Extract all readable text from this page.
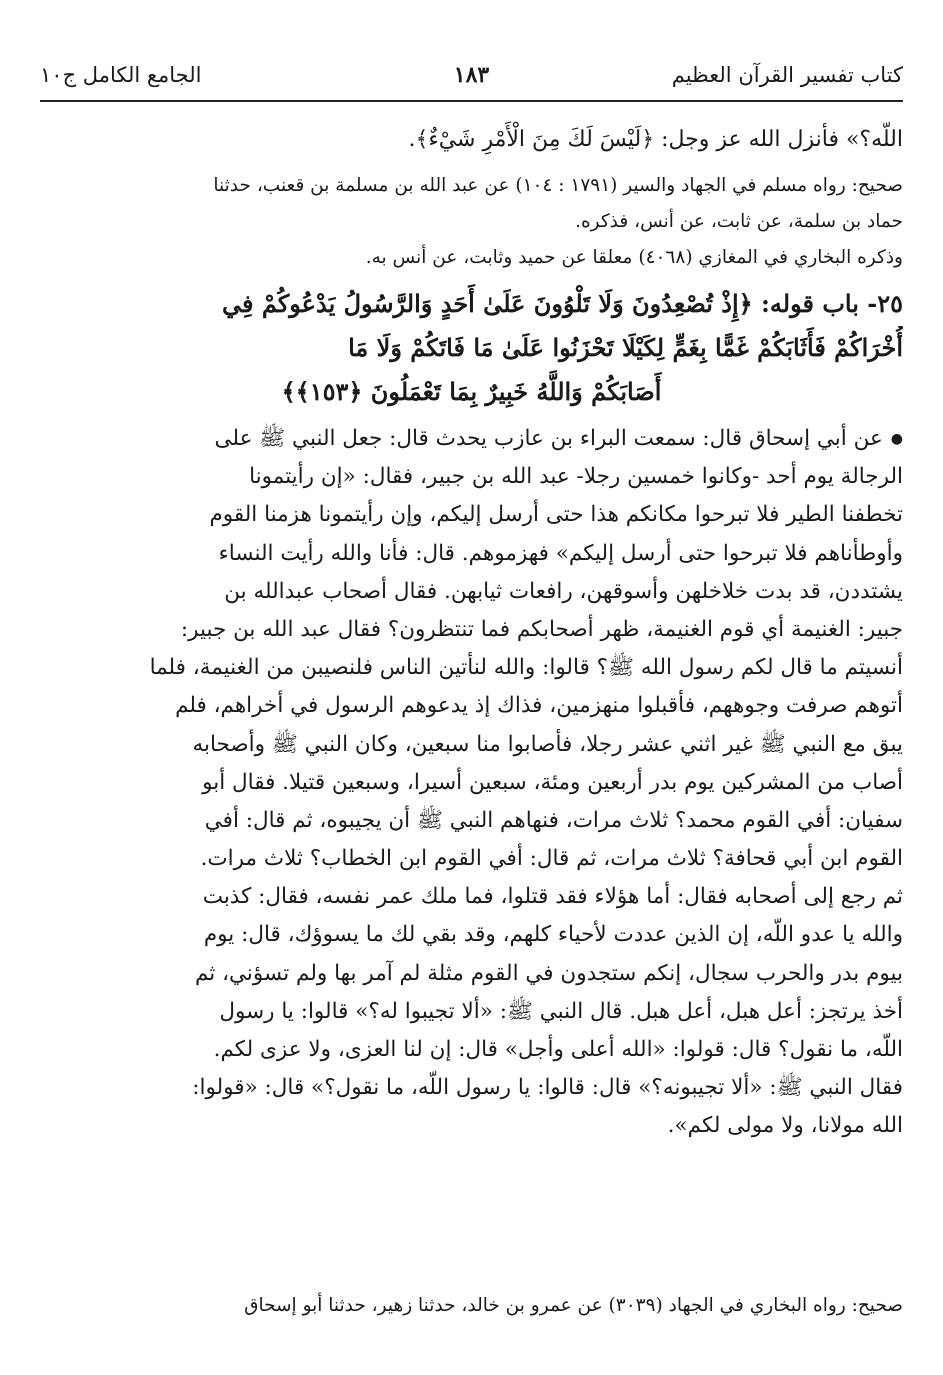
كتاب تفسير القرآن العظيم
١٨٣
الجامع الكامل ج١٠
اللّه؟» فأنزل الله عز وجل: ﴿لَيْسَ لَكَ مِنَ الْأَمْرِ شَيْءٌ﴾.
صحيح: رواه مسلم في الجهاد والسير (١٧٩١ : ١٠٤) عن عبد الله بن مسلمة بن قعنب، حدثنا
حماد بن سلمة، عن ثابت، عن أنس، فذكره.
وذكره البخاري في المغازي (٤٠٦٨) معلقا عن حميد وثابت، عن أنس به.
٢٥- باب قوله: ﴿إِذْ تُصْعِدُونَ وَلَا تَلْوُونَ عَلَىٰ أَحَدٍ وَالرَّسُولُ يَدْعُوكُمْ فِي
أُخْرَاكُمْ فَأَثَابَكُمْ غَمًّا بِغَمٍّ لِكَيْلَا تَحْزَنُوا عَلَىٰ مَا فَاتَكُمْ وَلَا مَا
أَصَابَكُمْ وَاللَّهُ خَبِيرٌ بِمَا تَعْمَلُونَ ﴿١٥٣﴾﴾
● عن أبي إسحاق قال: سمعت البراء بن عازب يحدث قال: جعل النبي ﷺ على
الرجالة يوم أحد -وكانوا خمسين رجلا- عبد الله بن جبير، فقال: «إن رأيتمونا
تخطفنا الطير فلا تبرحوا مكانكم هذا حتى أرسل إليكم، وإن رأيتمونا هزمنا القوم
وأوطأناهم فلا تبرحوا حتى أرسل إليكم» فهزموهم. قال: فأنا والله رأيت النساء
يشتددن، قد بدت خلاخلهن وأسوقهن، رافعات ثيابهن. فقال أصحاب عبدالله بن
جبير: الغنيمة أي قوم الغنيمة، ظهر أصحابكم فما تنتظرون؟ فقال عبد الله بن جبير:
أنسيتم ما قال لكم رسول الله ﷺ؟ قالوا: والله لنأتين الناس فلنصيبن من الغنيمة، فلما
أتوهم صرفت وجوههم، فأقبلوا منهزمين، فذاك إذ يدعوهم الرسول في أخراهم، فلم
يبق مع النبي ﷺ غير اثني عشر رجلا، فأصابوا منا سبعين، وكان النبي ﷺ وأصحابه
أصاب من المشركين يوم بدر أربعين ومئة، سبعين أسيرا، وسبعين قتيلا. فقال أبو
سفيان: أفي القوم محمد؟ ثلاث مرات، فنهاهم النبي ﷺ أن يجيبوه، ثم قال: أفي
القوم ابن أبي قحافة؟ ثلاث مرات، ثم قال: أفي القوم ابن الخطاب؟ ثلاث مرات.
ثم رجع إلى أصحابه فقال: أما هؤلاء فقد قتلوا، فما ملك عمر نفسه، فقال: كذبت
والله يا عدو اللّه، إن الذين عددت لأحياء كلهم، وقد بقي لك ما يسوؤك، قال: يوم
بيوم بدر والحرب سجال، إنكم ستجدون في القوم مثلة لم آمر بها ولم تسؤني، ثم
أخذ يرتجز: أعل هبل، أعل هبل. قال النبي ﷺ: «ألا تجيبوا له؟» قالوا: يا رسول
اللّه، ما نقول؟ قال: قولوا: «الله أعلى وأجل» قال: إن لنا العزى، ولا عزى لكم.
فقال النبي ﷺ: «ألا تجيبونه؟» قال: قالوا: يا رسول اللّه، ما نقول؟» قال: «قولوا:
الله مولانا، ولا مولى لكم».
صحيح: رواه البخاري في الجهاد (٣٠٣٩) عن عمرو بن خالد، حدثنا زهير، حدثنا أبو إسحاق
